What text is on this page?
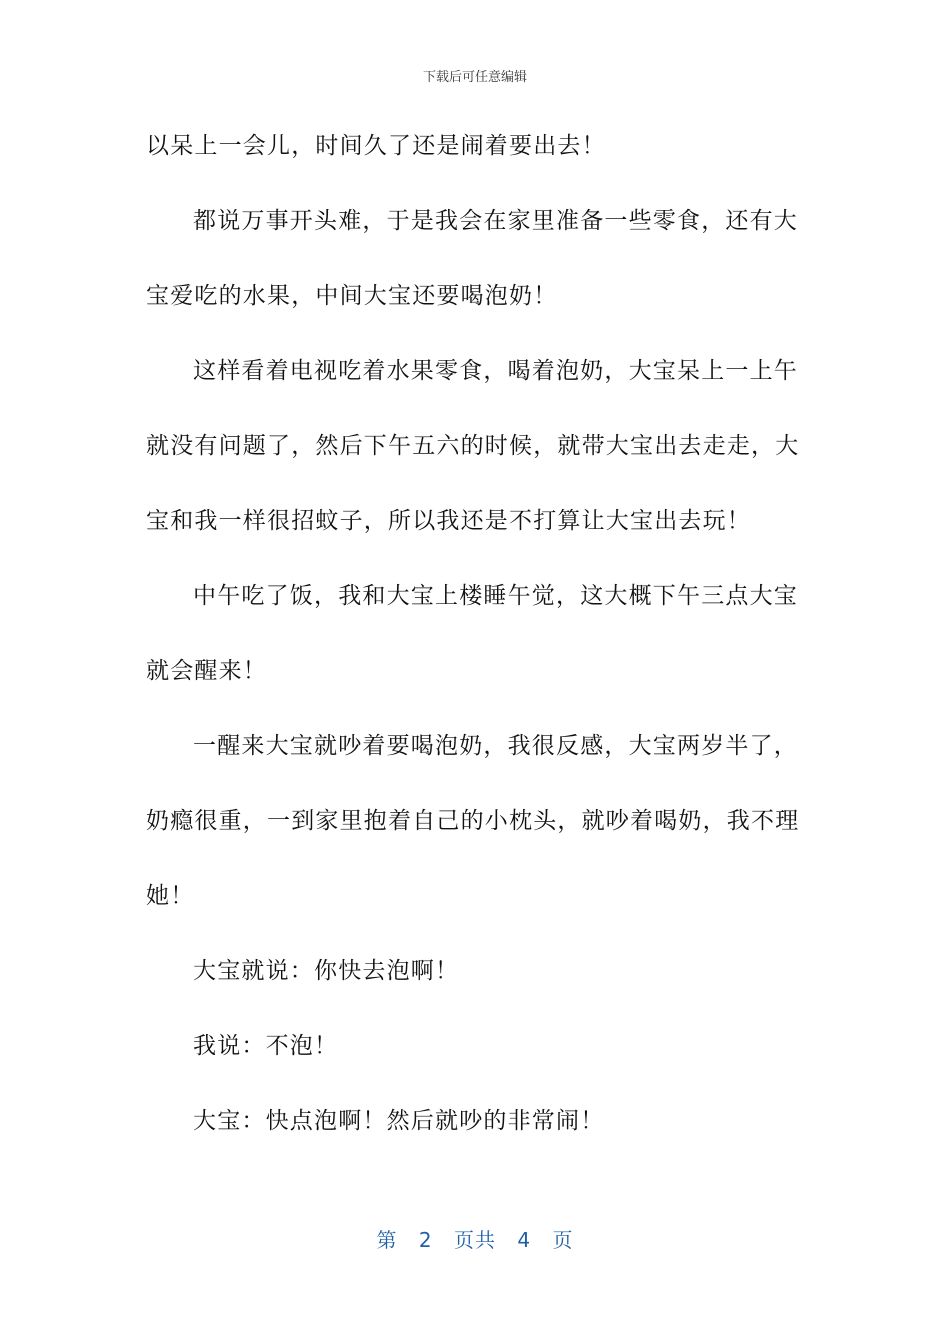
下载后可任意编辑
以呆上一会儿，时间久了还是闹着要出去！
都说万事开头难，于是我会在家里准备一些零食，还有大
宝爱吃的水果，中间大宝还要喝泡奶！
这样看着电视吃着水果零食，喝着泡奶，大宝呆上一上午
就没有问题了，然后下午五六的时候，就带大宝出去走走，大
宝和我一样很招蚊子，所以我还是不打算让大宝出去玩！
中午吃了饭，我和大宝上楼睡午觉，这大概下午三点大宝
就会醒来！
一醒来大宝就吵着要喝泡奶，我很反感，大宝两岁半了，
奶瘾很重，一到家里抱着自己的小枕头，就吵着喝奶，我不理
她！
大宝就说：你快去泡啊！
我说：不泡！
大宝：快点泡啊！然后就吵的非常闹！
第 2 页共 4 页
